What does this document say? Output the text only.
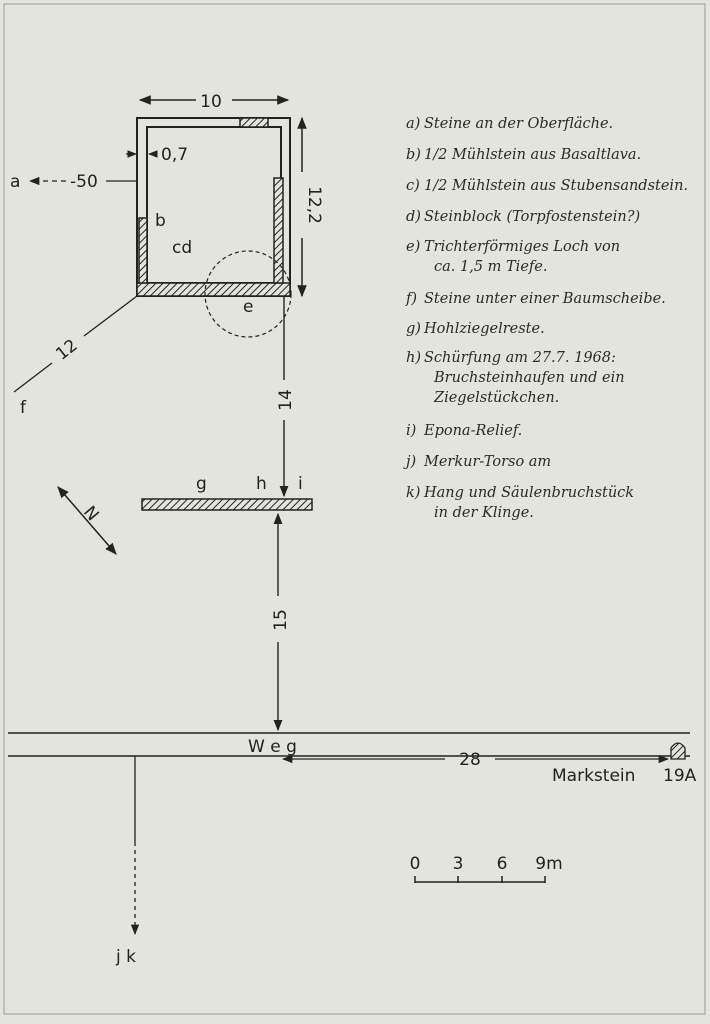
10
12,2
0,7
a	-50
b
cd
e
12
f
N
14
g	h i
15
W e g
28
Markstein 19A
j k
0 3 6 9m
a) Steine an der Oberfläche.
b) 1/2 Mühlstein aus Basaltlava.
c) 1/2 Mühlstein aus Stubensandstein.
d) Steinblock (Torpfostenstein?)
e) Trichterförmiges Loch von
ca. 1,5 m Tiefe.
f) Steine unter einer Baumscheibe.
g) Hohlziegelreste.
h) Schürfung am 27.7. 1968:
Bruchsteinhaufen und ein
Ziegelstückchen.
i) Epona-Relief.
j) Merkur-Torso am
k) Hang und Säulenbruchstück
in der Klinge.
